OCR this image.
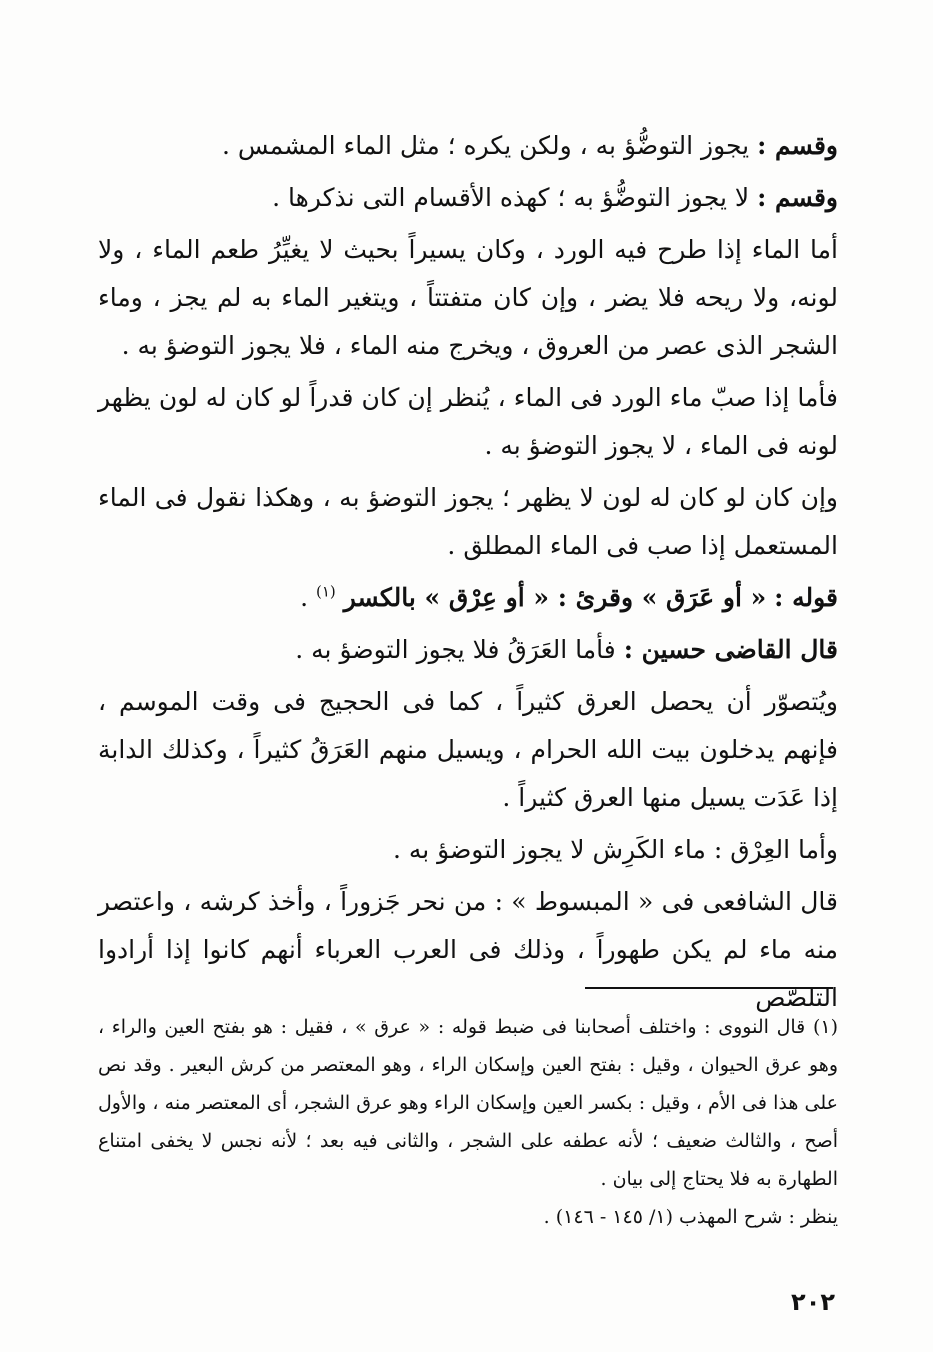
وقسم : يجوز التوضُّؤ به ، ولكن يكره ؛ مثل الماء المشمس .

وقسم : لا يجوز التوضُّؤ به ؛ كهذه الأقسام التى نذكرها .

أما الماء إذا طرح فيه الورد ، وكان يسيراً بحيث لا يغيِّرُ طعم الماء ، ولا لونه، ولا ريحه فلا يضر ، وإن كان متفتتاً ، ويتغير الماء به لم يجز ، وماء الشجر الذى عصر من العروق ، ويخرج منه الماء ، فلا يجوز التوضؤ به .

فأما إذا صبّ ماء الورد فى الماء ، يُنظر إن كان قدراً لو كان له لون يظهر لونه فى الماء ، لا يجوز التوضؤ به .

وإن كان لو كان له لون لا يظهر ؛ يجوز التوضؤ به ، وهكذا نقول فى الماء المستعمل إذا صب فى الماء المطلق .

قوله : « أو عَرَق » وقرئ : « أو عِرْق » بالكسر $^{(١)}$ .

قال القاضى حسين : فأما العَرَقُ فلا يجوز التوضؤ به .

ويُتصوّر أن يحصل العرق كثيراً ، كما فى الحجيج فى وقت الموسم ، فإنهم يدخلون بيت الله الحرام ، ويسيل منهم العَرَقُ كثيراً ، وكذلك الدابة إذا عَدَت يسيل منها العرق كثيراً .

وأما العِرْق : ماء الكَرِش لا يجوز التوضؤ به .

قال الشافعى فى « المبسوط » : من نحر جَزوراً ، وأخذ كرشه ، واعتصر منه ماء لم يكن طهوراً ، وذلك فى العرب العرباء أنهم كانوا إذا أرادوا التلصّص

(١) قال النووى : واختلف أصحابنا فى ضبط قوله : « عرق » ، فقيل : هو بفتح العين والراء ، وهو عرق الحيوان ، وقيل : بفتح العين وإسكان الراء ، وهو المعتصر من كرش البعير . وقد نص على هذا فى الأم ، وقيل : بكسر العين وإسكان الراء وهو عرق الشجر، أى المعتصر منه ، والأول أصح ، والثالث ضعيف ؛ لأنه عطفه على الشجر ، والثانى فيه بعد ؛ لأنه نجس لا يخفى امتناع الطهارة به فلا يحتاج إلى بيان .

ينظر : شرح المهذب (١/ ١٤٥ - ١٤٦) .

٢٠٢
